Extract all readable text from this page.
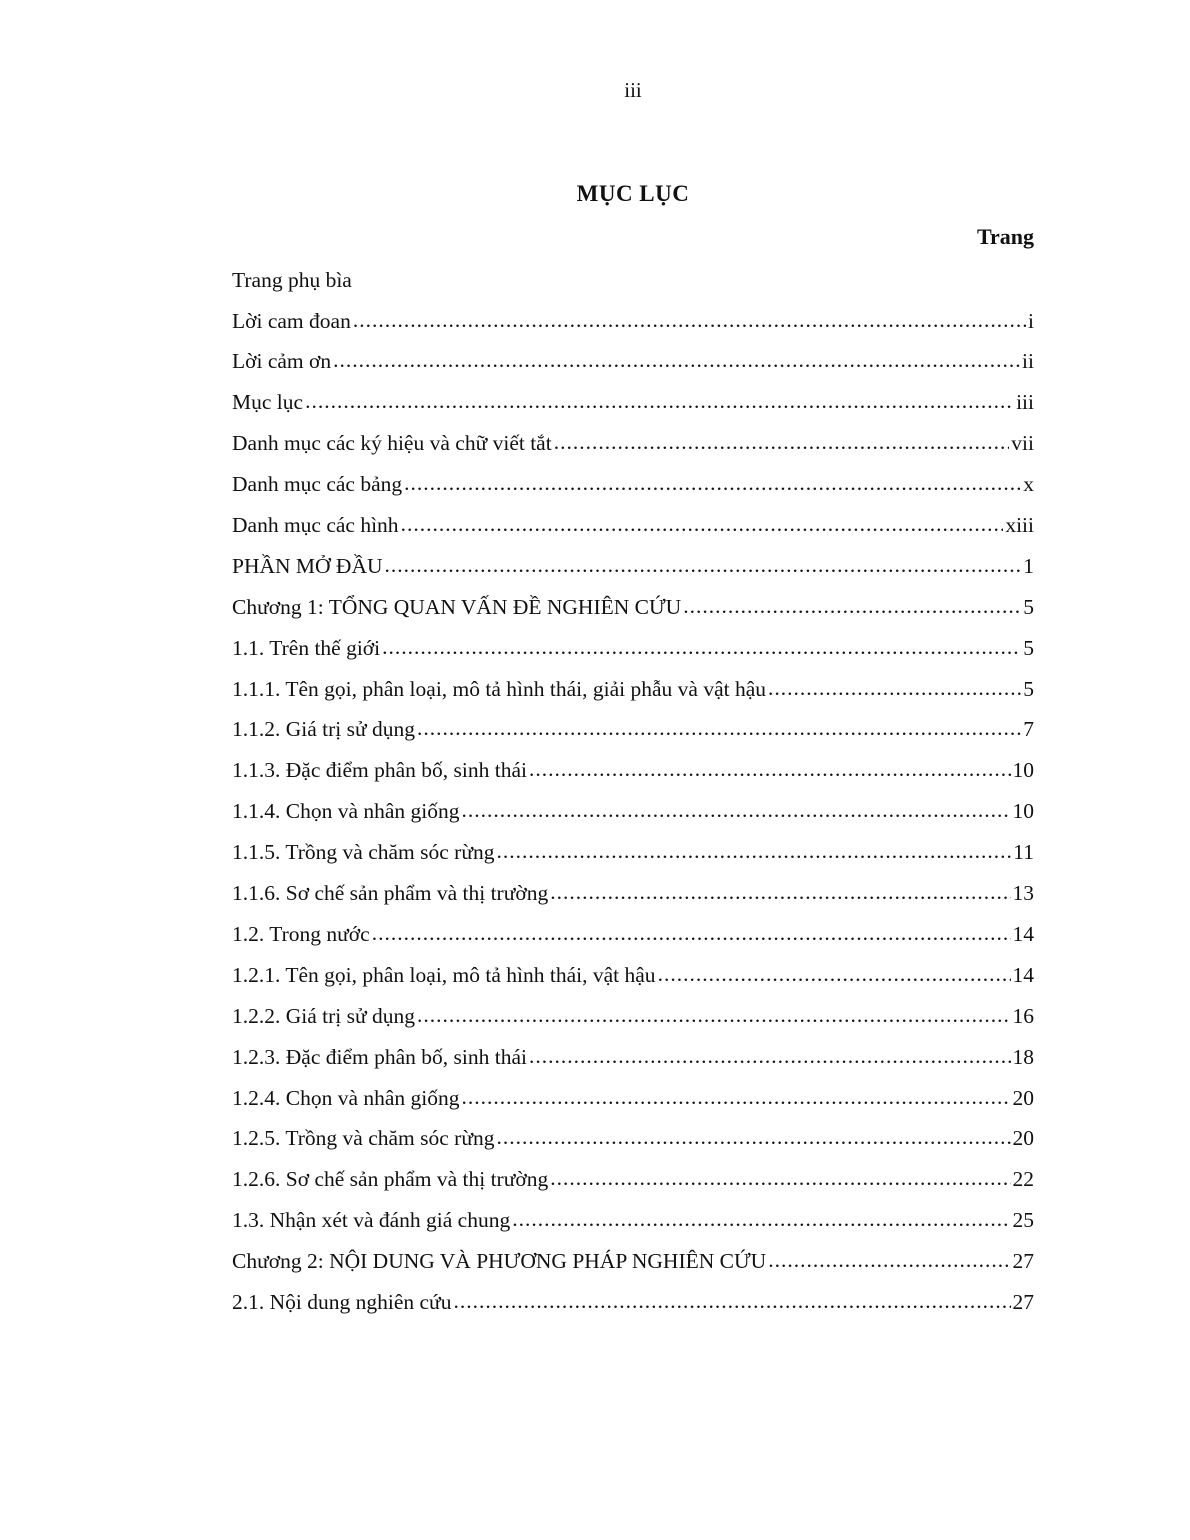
iii
MỤC LỤC
Trang
Trang phụ bìa
Lời cam đoan .....	i
Lời cảm ơn .....	ii
Mục lục .....	iii
Danh mục các ký hiệu và chữ viết tắt .....	vii
Danh mục các bảng .....	x
Danh mục các hình .....	xiii
PHẦN MỞ ĐẦU .....	1
Chương 1: TỔNG QUAN VẤN ĐỀ NGHIÊN CỨU .....	5
1.1. Trên thế giới .....	5
1.1.1. Tên gọi, phân loại, mô tả hình thái, giải phẫu và vật hậu .....	5
1.1.2. Giá trị sử dụng .....	7
1.1.3. Đặc điểm phân bố, sinh thái .....	10
1.1.4. Chọn và nhân giống .....	10
1.1.5. Trồng và chăm sóc rừng .....	11
1.1.6. Sơ chế sản phẩm và thị trường .....	13
1.2. Trong nước .....	14
1.2.1. Tên gọi, phân loại, mô tả hình thái, vật hậu .....	14
1.2.2. Giá trị sử dụng .....	16
1.2.3. Đặc điểm phân bố, sinh thái .....	18
1.2.4. Chọn và nhân giống .....	20
1.2.5. Trồng và chăm sóc rừng .....	20
1.2.6. Sơ chế sản phẩm và thị trường .....	22
1.3. Nhận xét và đánh giá chung .....	25
Chương 2: NỘI DUNG VÀ PHƯƠNG PHÁP NGHIÊN CỨU .....	27
2.1. Nội dung nghiên cứu .....	27
